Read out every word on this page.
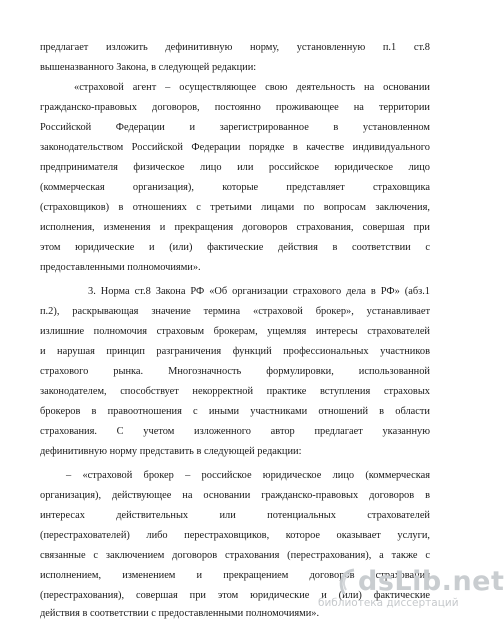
предлагает изложить дефинитивную норму, установленную п.1 ст.8
вышеназванного Закона, в следующей редакции:
«страховой агент – осуществляющее свою деятельность на основании
гражданско-правовых договоров, постоянно проживающее на территории
Российской Федерации и зарегистрированное в установленном
законодательством Российской Федерации порядке в качестве индивидуального
предпринимателя физическое лицо или российское юридическое лицо
(коммерческая организация), которые представляет страховщика
(страховщиков) в отношениях с третьими лицами по вопросам заключения,
исполнения, изменения и прекращения договоров страхования, совершая при
этом юридические и (или) фактические действия в соответствии с
предоставленными полномочиями».
3. Норма ст.8 Закона РФ «Об организации страхового дела в РФ» (абз.1
п.2), раскрывающая значение термина «страховой брокер», устанавливает
излишние полномочия страховым брокерам, ущемляя интересы страхователей
и нарушая принцип разграничения функций профессиональных участников
страхового рынка. Многозначность формулировки, использованной
законодателем, способствует некорректной практике вступления страховых
брокеров в правоотношения с иными участниками отношений в области
страхования. С учетом изложенного автор предлагает указанную
дефинитивную норму представить в следующей редакции:
– «страховой брокер – российское юридическое лицо (коммерческая
организация), действующее на основании гражданско-правовых договоров в
интересах действительных или потенциальных страхователей
(перестрахователей) либо перестраховщиков, которое оказывает услуги,
связанные с заключением договоров страхования (перестрахования), а также с
исполнением, изменением и прекращением договоров страхования
(перестрахования), совершая при этом юридические и (или) фактические
действия в соответствии с предоставленными полномочиями».
dsLib.net
библиотека диссертаций
